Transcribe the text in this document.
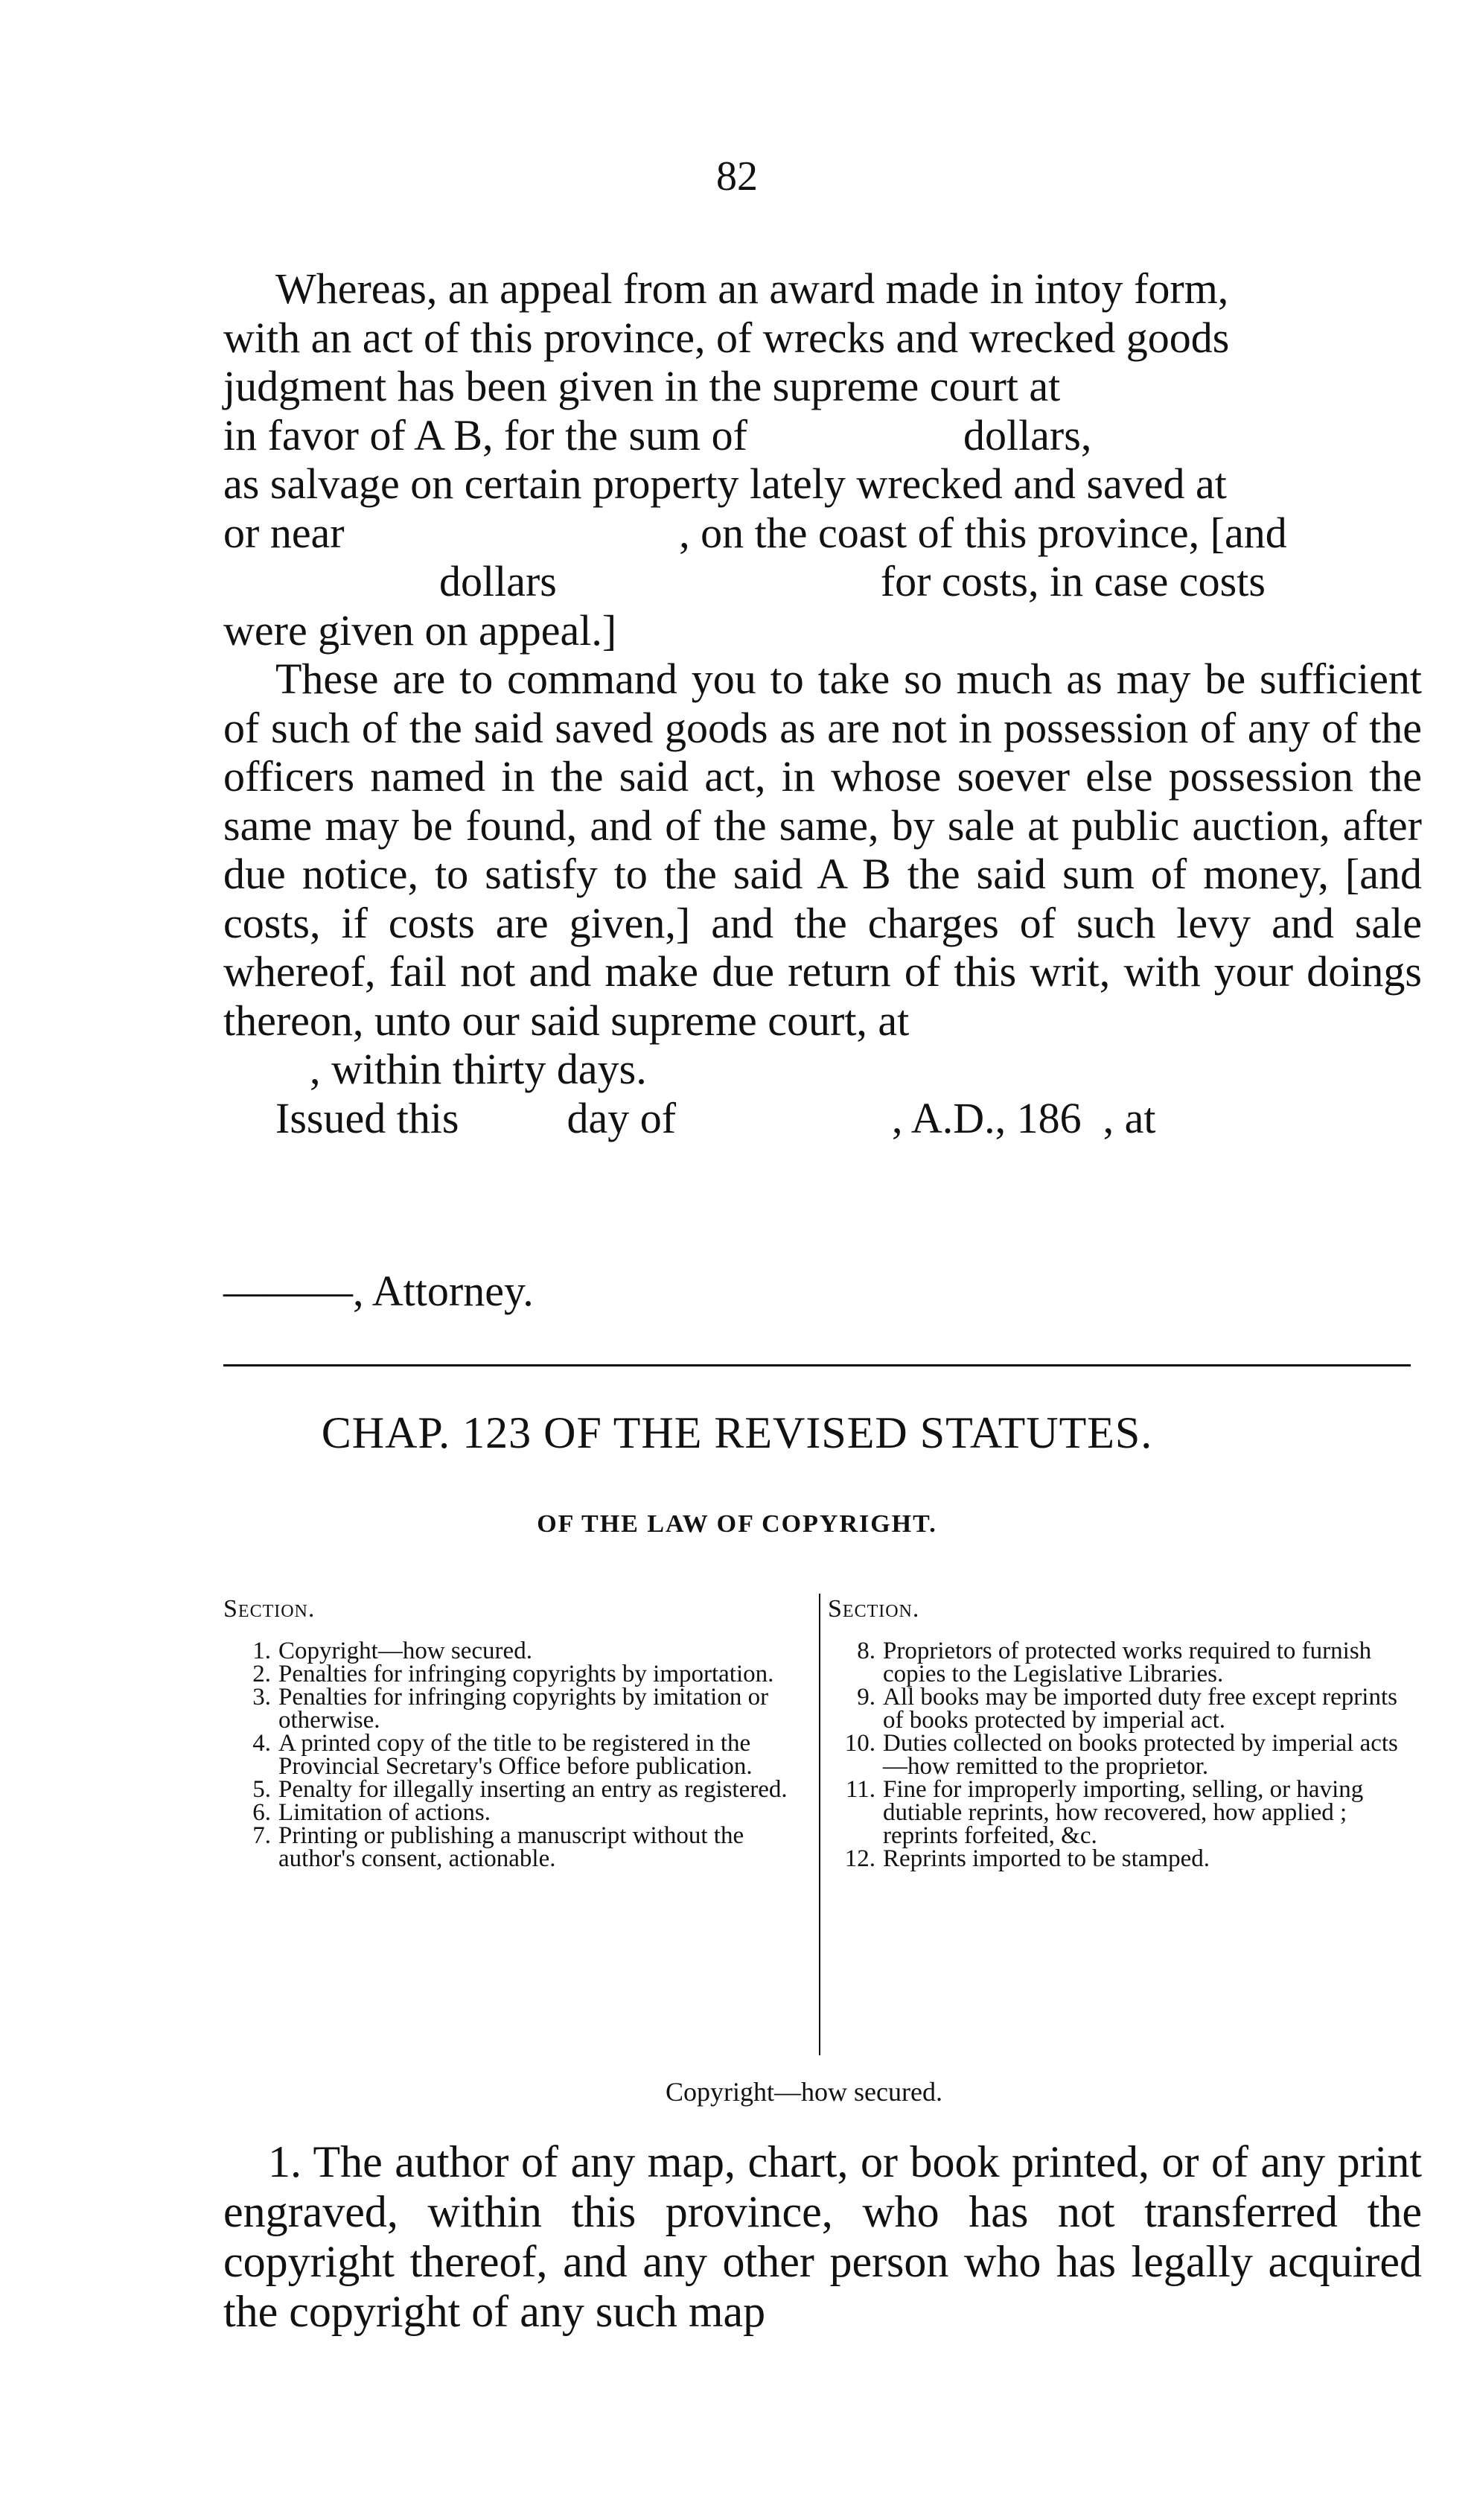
82

Whereas, an appeal from an award made in intoy form,

with an act of this province, of wrecks and wrecked goods

judgment has been given in the supreme court at

in favor of A B, for the sum of                    dollars,

as salvage on certain property lately wrecked and saved at

or near                               , on the coast of this province, [and

dollars                              for costs, in case costs

were given on appeal.]

These are to command you to take so much as may be sufficient of such of the said saved goods as are not in possession of any of the officers named in the said act, in whose soever else possession the same may be found, and of the same, by sale at public auction, after due notice, to satisfy to the said A B the said sum of money, [and costs, if costs are given,] and the charges of such levy and sale whereof, fail not and make due return of this writ, with your doings thereon, unto our said supreme court, at

, within thirty days.

Issued this          day of                    , A.D., 186  , at

———, Attorney.
CHAP. 123 OF THE REVISED STATUTES.
OF THE LAW OF COPYRIGHT.
Section.
1. Copyright—how secured.
2. Penalties for infringing copyrights by importation.
3. Penalties for infringing copyrights by imitation or otherwise.
4. A printed copy of the title to be registered in the Provincial Secretary's Office before publication.
5. Penalty for illegally inserting an entry as registered.
6. Limitation of actions.
7. Printing or publishing a manuscript without the author's consent, actionable.
Section.
8. Proprietors of protected works required to furnish copies to the Legislative Libraries.
9. All books may be imported duty free except reprints of books protected by imperial act.
10. Duties collected on books protected by imperial acts—how remitted to the proprietor.
11. Fine for improperly importing, selling, or having dutiable reprints, how recovered, how applied ; reprints forfeited, &c.
12. Reprints imported to be stamped.
Copyright—how secured.
1. The author of any map, chart, or book printed, or of any print engraved, within this province, who has not transferred the copyright thereof, and any other person who has legally acquired the copyright of any such map
